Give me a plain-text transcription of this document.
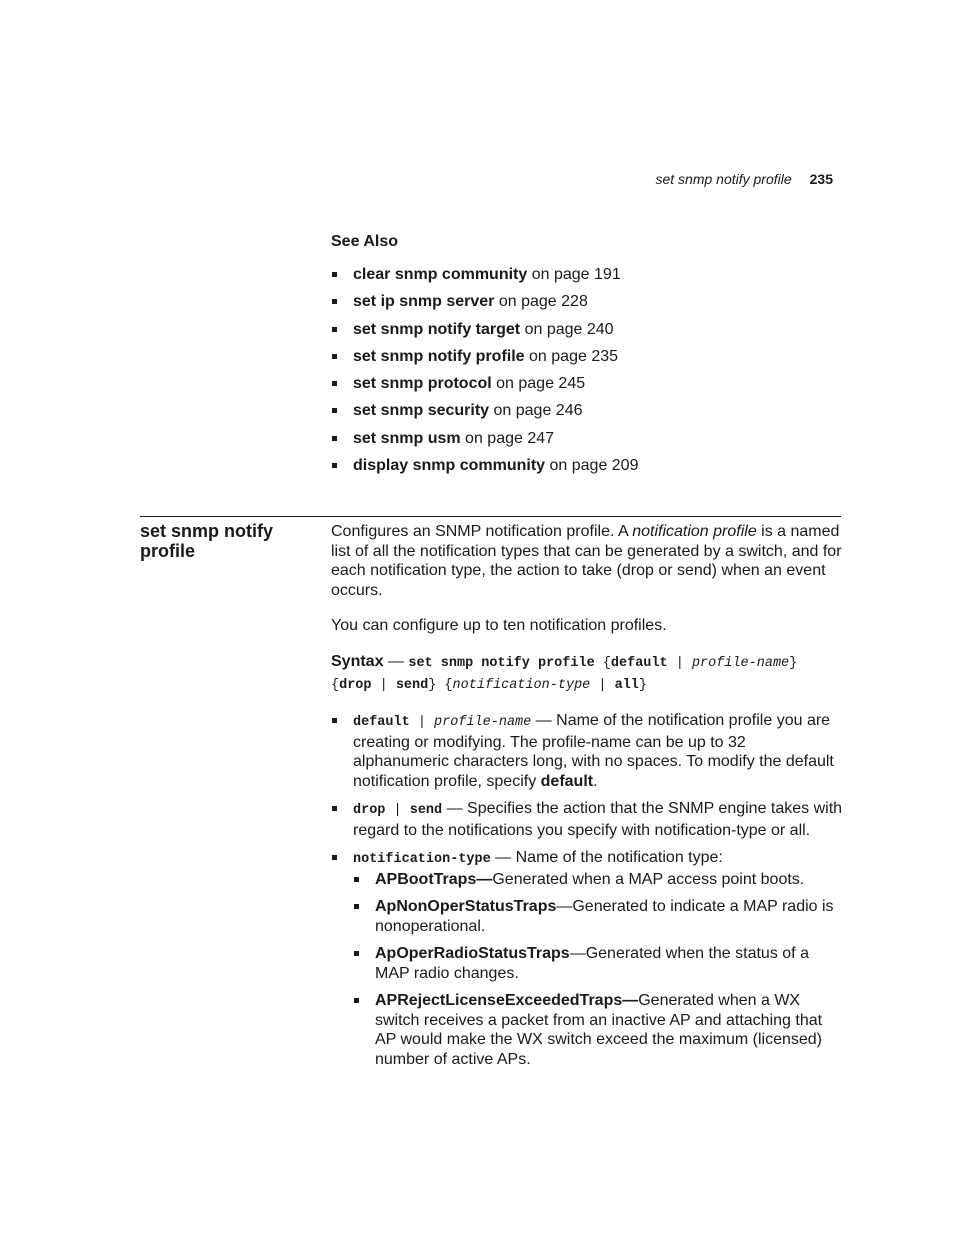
set snmp notify profile 235
See Also
clear snmp community on page 191
set ip snmp server on page 228
set snmp notify target on page 240
set snmp notify profile on page 235
set snmp protocol on page 245
set snmp security on page 246
set snmp usm on page 247
display snmp community on page 209
set snmp notify profile

Configures an SNMP notification profile. A notification profile is a named list of all the notification types that can be generated by a switch, and for each notification type, the action to take (drop or send) when an event occurs.

You can configure up to ten notification profiles.

Syntax — set snmp notify profile {default | profile-name}
{drop | send} {notification-type | all}

default | profile-name — Name of the notification profile you are creating or modifying. The profile-name can be up to 32 alphanumeric characters long, with no spaces. To modify the default notification profile, specify default.
drop | send — Specifies the action that the SNMP engine takes with regard to the notifications you specify with notification-type or all.
notification-type — Name of the notification type:
APBootTraps—Generated when a MAP access point boots.
ApNonOperStatusTraps—Generated to indicate a MAP radio is nonoperational.
ApOperRadioStatusTraps—Generated when the status of a MAP radio changes.
APRejectLicenseExceededTraps—Generated when a WX switch receives a packet from an inactive AP and attaching that AP would make the WX switch exceed the maximum (licensed) number of active APs.
